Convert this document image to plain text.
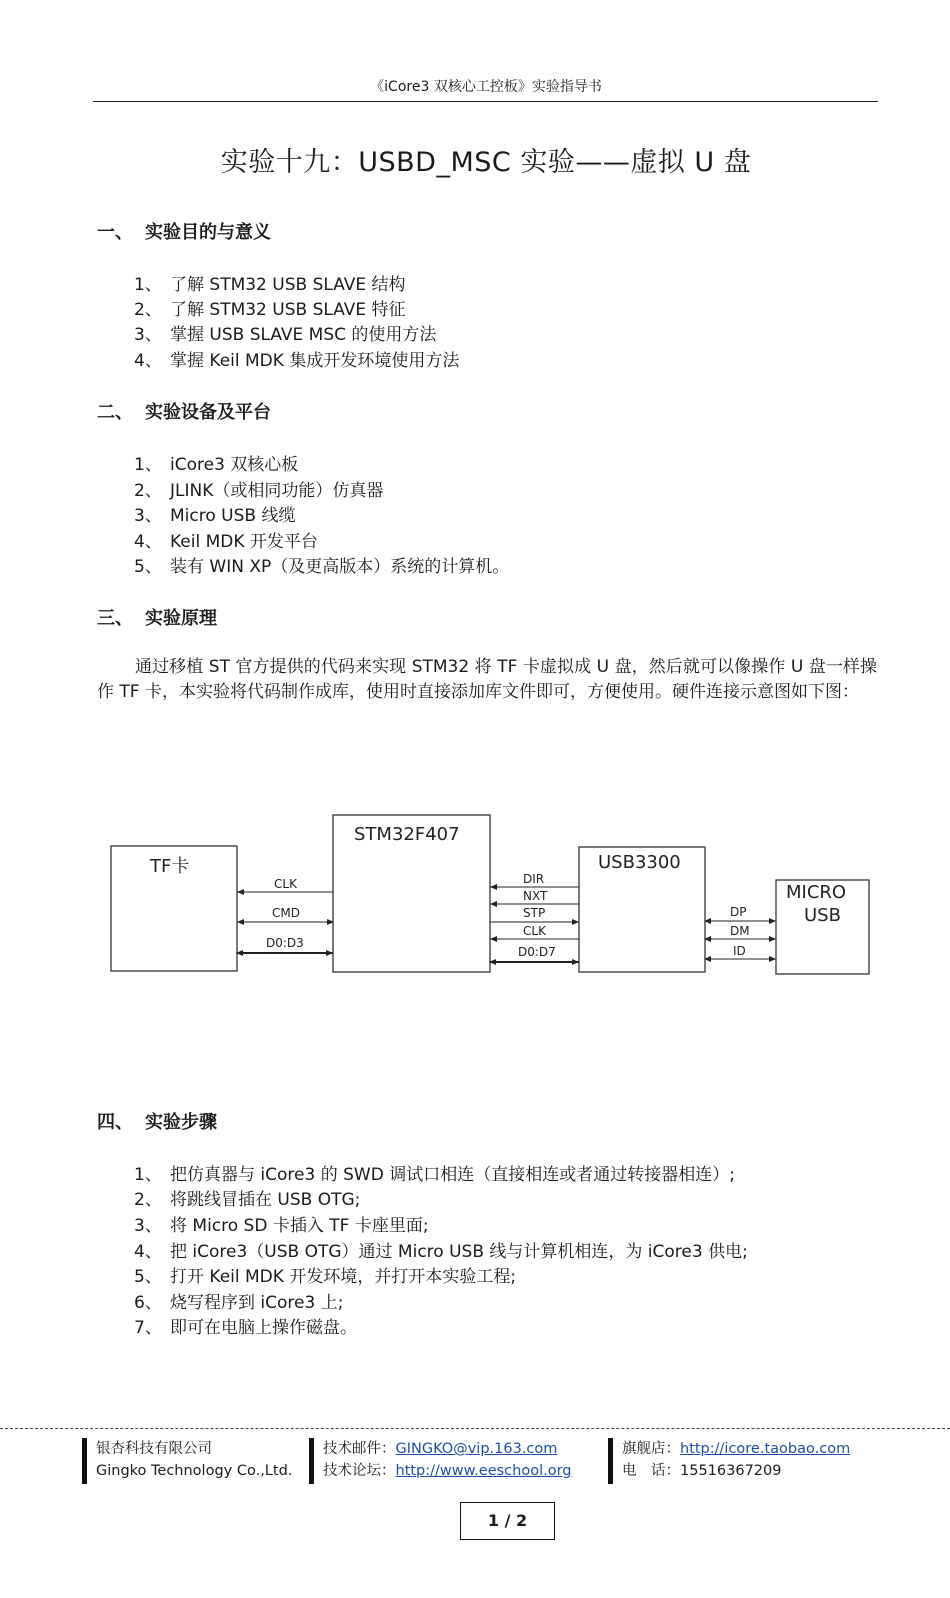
《iCore3 双核心工控板》实验指导书
实验十九：USBD_MSC 实验——虚拟 U 盘
一、 实验目的与意义
1、 了解 STM32 USB SLAVE 结构
2、 了解 STM32 USB SLAVE 特征
3、 掌握 USB SLAVE MSC 的使用方法
4、 掌握 Keil MDK 集成开发环境使用方法
二、 实验设备及平台
1、 iCore3 双核心板
2、 JLINK（或相同功能）仿真器
3、 Micro USB 线缆
4、 Keil MDK 开发平台
5、 装有 WIN XP（及更高版本）系统的计算机。
三、 实验原理
通过移植 ST 官方提供的代码来实现 STM32 将 TF 卡虚拟成 U 盘，然后就可以像操作 U 盘一样操作 TF 卡，本实验将代码制作成库，使用时直接添加库文件即可，方便使用。硬件连接示意图如下图：
TF卡
STM32F407
USB3300
MICRO
USB
CLK
CMD
D0:D3
DIR
NXT
STP
CLK
D0:D7
DP
DM
ID
四、 实验步骤
1、 把仿真器与 iCore3 的 SWD 调试口相连（直接相连或者通过转接器相连）;
2、 将跳线冒插在 USB OTG;
3、 将 Micro SD 卡插入 TF 卡座里面;
4、 把 iCore3（USB OTG）通过 Micro USB 线与计算机相连，为 iCore3 供电;
5、 打开 Keil MDK 开发环境，并打开本实验工程;
6、 烧写程序到 iCore3 上;
7、 即可在电脑上操作磁盘。
银杏科技有限公司
Gingko Technology Co.,Ltd.
技术邮件：GINGKO@vip.163.com
技术论坛：http://www.eeschool.org
旗舰店：http://icore.taobao.com
电　话：15516367209
1 / 2
